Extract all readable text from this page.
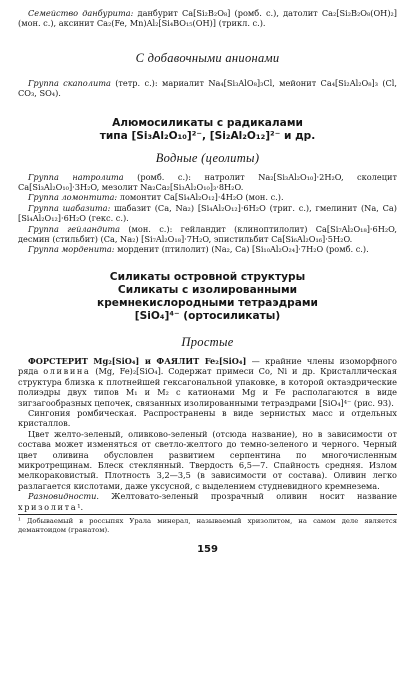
Семейство данбурита: данбурит Ca[Si₂B₂O₈] (ромб. с.), датолит Ca₂[Si₂B₂O₈(OH)₂] (мон. с.), аксинит Ca₂(Fe, Mn)Al₂[Si₄BO₁₅(OH)] (трикл. с.).

С добавочными анионами

Группа скаполита (тетр. с.): мариалит Na₄[Si₃AlO₈]₃Cl, мейонит Ca₄[Si₂Al₂O₈]₃ (Cl, CO₃, SO₄).

Алюмосиликаты с радикалами
типа [Si₃Al₂O₁₀]²⁻, [Si₂Al₂O₁₂]²⁻ и др.

Водные (цеолиты)

Группа натролита (ромб. с.): натролит Na₂[Si₃Al₂O₁₀]·2H₂O, сколецит Ca[Si₃Al₂O₁₀]·3H₂O, мезолит Na₂Ca₂[Si₃Al₂O₁₀]₃·8H₂O.

Группа ломонтита: ломонтит Ca[Si₄Al₂O₁₂]·4H₂O (мон. с.).

Группа шабазита: шабазит (Ca, Na₂) [Si₄Al₂O₁₂]·6H₂O (триг. с.), гмелинит (Na, Ca) [Si₄Al₂O₁₂]·6H₂O (гекс. с.).

Группа гейландита (мон. с.): гейландит (клиноптилолит) Ca[Si₇Al₂O₁₈]·6H₂O, десмин (стильбит) (Ca, Na₂) [Si₇Al₂O₁₈]·7H₂O, эпистильбит Ca[Si₆Al₂O₁₆]·5H₂O.

Группа морденита: морденит (птилолит) (Na₂, Ca) [Si₁₀Al₂O₂₄]·7H₂O (ромб. с.).

Силикаты островной структуры
Силикаты с изолированными
кремнекислородными тетраэдрами
[SiO₄]⁴⁻ (ортосиликаты)

Простые

ФОРСТЕРИТ Mg₂[SiO₄] и ФАЯЛИТ Fe₂[SiO₄] — крайние члены изоморфного ряда оливина (Mg, Fe)₂[SiO₄]. Содержат примеси Co, Ni и др. Кристаллическая структура близка к плотнейшей гексагональной упаковке, в которой октаэдрические полиэдры двух типов M₁ и M₂ с катионами Mg и Fe располагаются в виде зигзагообразных цепочек, связанных изолированными тетраэдрами [SiO₄]⁴⁻ (рис. 93).

Сингония ромбическая. Распространены в виде зернистых масс и отдельных кристаллов.

Цвет желто-зеленый, оливково-зеленый (отсюда название), но в зависимости от состава может изменяться от светло-желтого до темно-зеленого и черного. Черный цвет оливина обусловлен развитием серпентина по многочисленным микротрещинам. Блеск стеклянный. Твердость 6,5—7. Спайность средняя. Излом мелкораковистый. Плотность 3,2—3,5 (в зависимости от состава). Оливин легко разлагается кислотами, даже уксусной, с выделением студневидного кремнезема.

Разновидности. Желтовато-зеленый прозрачный оливин носит название хризолита¹.

¹ Добываемый в россыпях Урала минерал, называемый хризолитом, на самом деле является демантоидом (гранатом).

159
